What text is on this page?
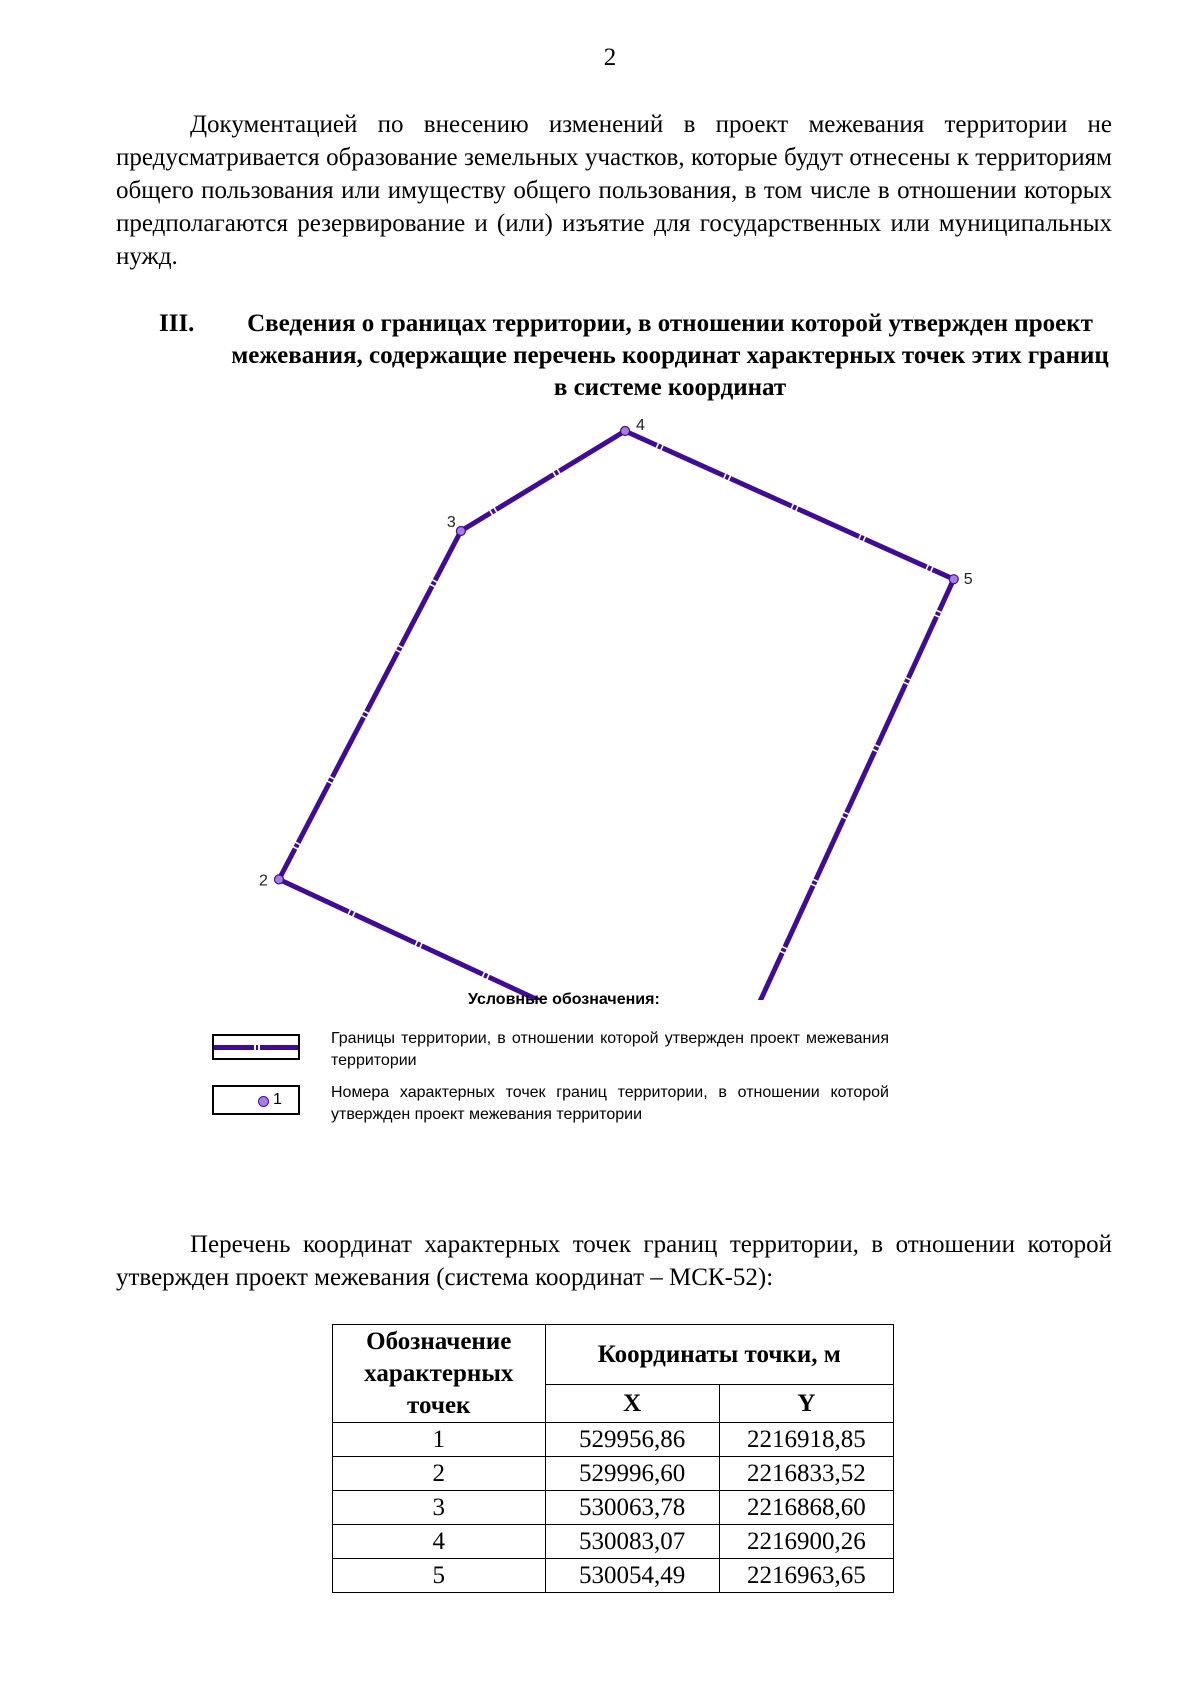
2

Документацией по внесению изменений в проект межевания территории не предусматривается образование земельных участков, которые будут отнесены к территориям общего пользования или имуществу общего пользования, в том числе в отношении которых предполагаются резервирование и (или) изъятие для государственных или муниципальных нужд.

III.	Сведения о границах территории, в отношении которой утвержден проект межевания, содержащие перечень координат характерных точек этих границ в системе координат

2
3
4
5
Условные обозначения:

Границы территории, в отношении которой утвержден проект межевания территории

1	Номера характерных точек границ территории, в отношении которой утвержден проект межевания территории

Перечень координат характерных точек границ территории, в отношении которой утвержден проект межевания (система координат – МСК-52):

Обозначение характерных точек	Координаты точки, м	
	X	Y
1	529956,86	2216918,85
2	529996,60	2216833,52
3	530063,78	2216868,60
4	530083,07	2216900,26
5	530054,49	2216963,65
